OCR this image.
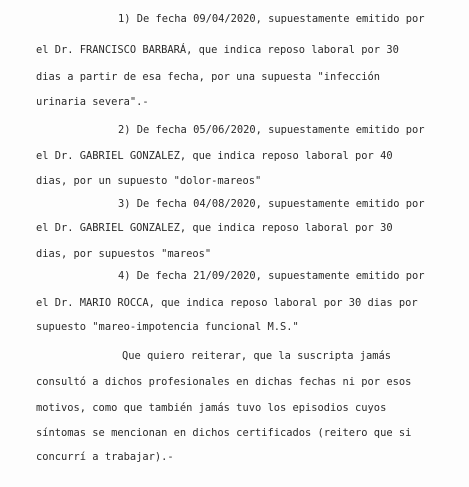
1) De fecha 09/04/2020, supuestamente emitido por
el Dr. FRANCISCO BARBARÁ, que indica reposo laboral por 30
dias a partir de esa fecha, por una supuesta "infección
urinaria severa".-
2) De fecha 05/06/2020, supuestamente emitido por
el Dr. GABRIEL GONZALEZ, que indica reposo laboral por 40
dias, por un supuesto "dolor-mareos"
3) De fecha 04/08/2020, supuestamente emitido por
el Dr. GABRIEL GONZALEZ, que indica reposo laboral por 30
dias, por supuestos "mareos"
4) De fecha 21/09/2020, supuestamente emitido por
el Dr. MARIO ROCCA, que indica reposo laboral por 30 dias por
supuesto "mareo-impotencia funcional M.S."
Que quiero reiterar, que la suscripta jamás
consultó a dichos profesionales en dichas fechas ni por esos
motivos, como que también jamás tuvo los episodios cuyos
síntomas se mencionan en dichos certificados (reitero que si
concurrí a trabajar).-
